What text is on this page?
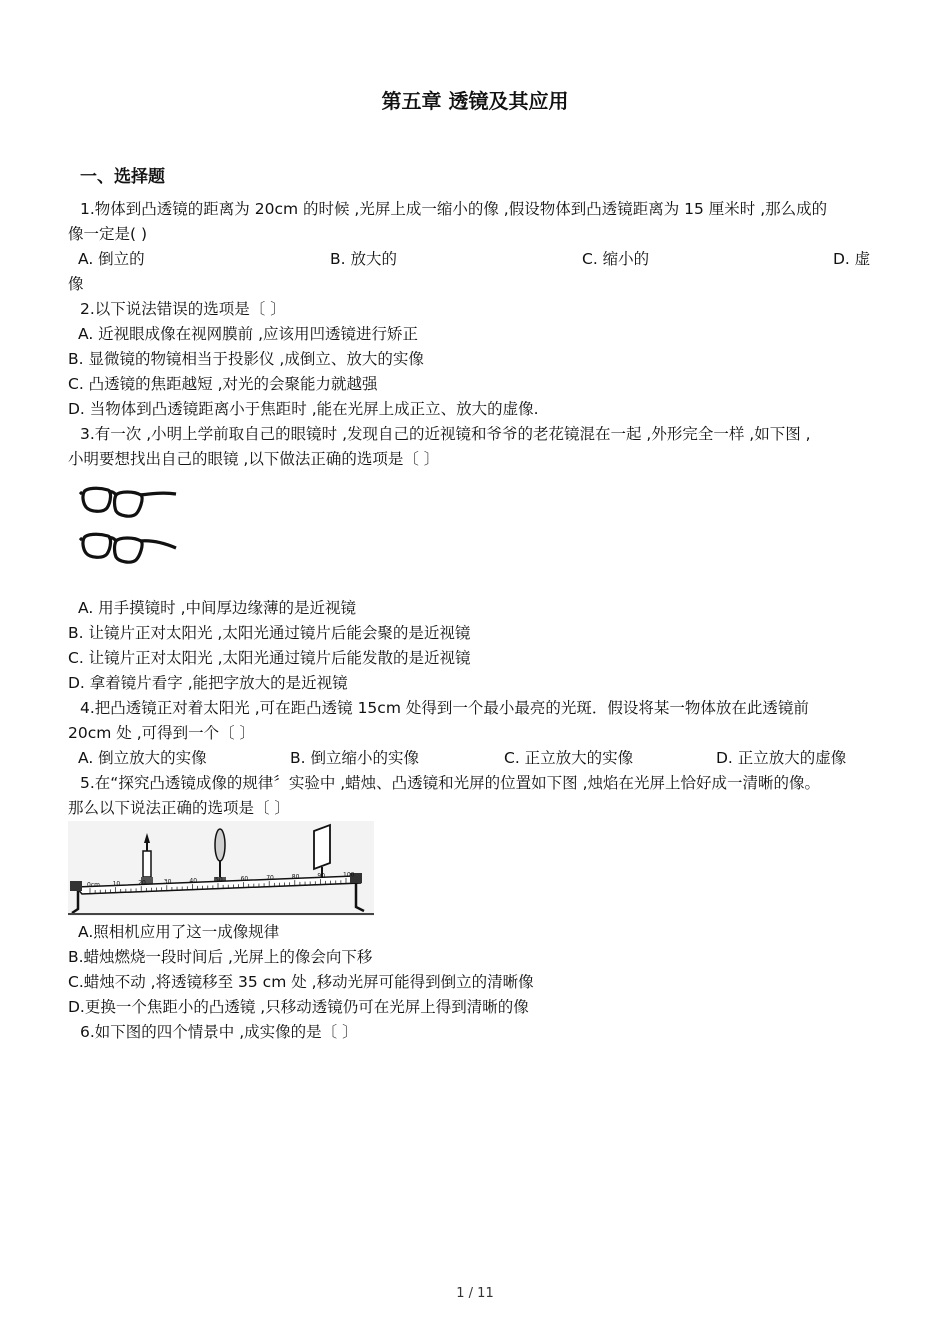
第五章 透镜及其应用
一、选择题
1.物体到凸透镜的距离为 20cm 的时候 ,光屏上成一缩小的像 ,假设物体到凸透镜距离为 15 厘米时 ,那么成的
像一定是( )
A. 倒立的	B. 放大的	C. 缩小的	D. 虚
像
2.以下说法错误的选项是〔 〕
A. 近视眼成像在视网膜前 ,应该用凹透镜进行矫正
B. 显微镜的物镜相当于投影仪 ,成倒立、放大的实像
C. 凸透镜的焦距越短 ,对光的会聚能力就越强
D. 当物体到凸透镜距离小于焦距时 ,能在光屏上成正立、放大的虚像.
3.有一次 ,小明上学前取自己的眼镜时 ,发现自己的近视镜和爷爷的老花镜混在一起 ,外形完全一样 ,如下图 ,
小明要想找出自己的眼镜 ,以下做法正确的选项是〔 〕
A. 用手摸镜时 ,中间厚边缘薄的是近视镜
B. 让镜片正对太阳光 ,太阳光通过镜片后能会聚的是近视镜
C. 让镜片正对太阳光 ,太阳光通过镜片后能发散的是近视镜
D. 拿着镜片看字 ,能把字放大的是近视镜
4.把凸透镜正对着太阳光 ,可在距凸透镜 15cm 处得到一个最小最亮的光斑．假设将某一物体放在此透镜前
20cm 处 ,可得到一个〔 〕
A. 倒立放大的实像	B. 倒立缩小的实像	C. 正立放大的实像	D. 正立放大的虚像
5.在“探究凸透镜成像的规律〞实验中 ,蜡烛、凸透镜和光屏的位置如下图 ,烛焰在光屏上恰好成一清晰的像。
那么以下说法正确的选项是〔 〕
0cm 10	20	30	40	50	60	70	80	90	100
A.照相机应用了这一成像规律
B.蜡烛燃烧一段时间后 ,光屏上的像会向下移
C.蜡烛不动 ,将透镜移至 35 cm 处 ,移动光屏可能得到倒立的清晰像
D.更换一个焦距小的凸透镜 ,只移动透镜仍可在光屏上得到清晰的像
6.如下图的四个情景中 ,成实像的是〔 〕
1 / 11
